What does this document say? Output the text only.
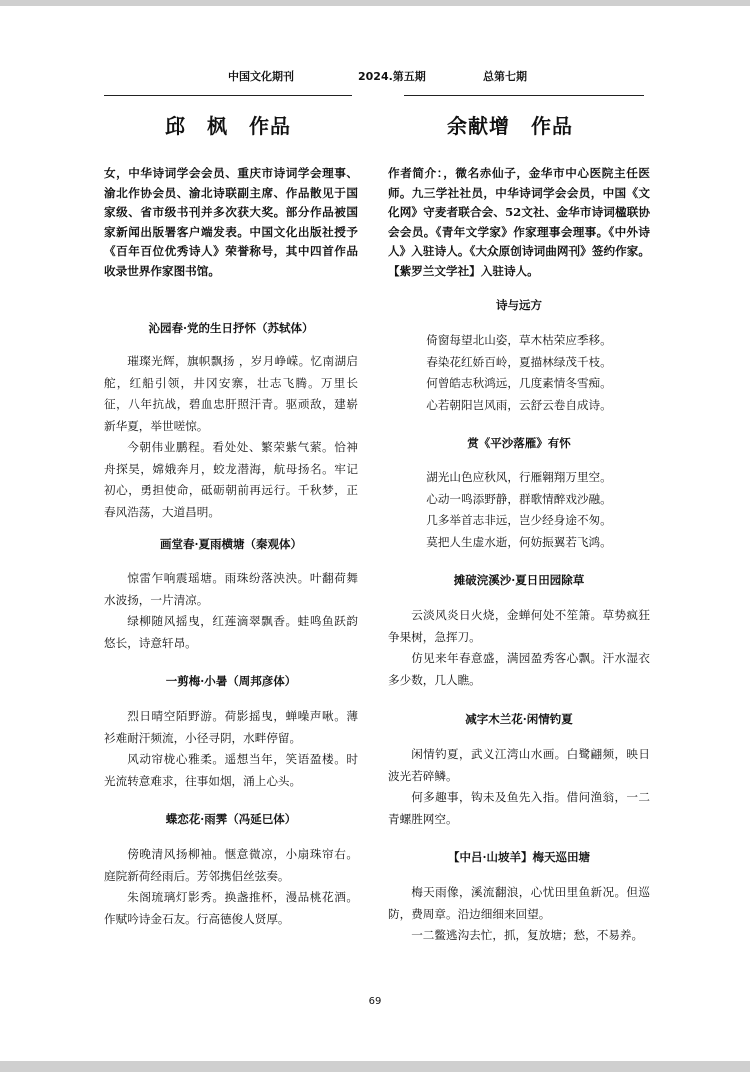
中国文化期刊	2024.第五期	总第七期
邱　枫　作品	余献增　作品
女，中华诗词学会会员、重庆市诗词学会理事、渝北作协会员、渝北诗联副主席、作品散见于国家级、省市级书刊并多次获大奖。部分作品被国家新闻出版署客户端发表。中国文化出版社授予《百年百位优秀诗人》荣誉称号，其中四首作品收录世界作家图书馆。
沁园春·党的生日抒怀（苏轼体）

璀璨光辉，旗帜飘扬 ，岁月峥嵘。忆南湖启舵，红船引领，井冈安寨，壮志飞腾。万里长征，八年抗战，碧血忠肝照汗青。驱顽敌，建崭新华夏，举世嗟惊。

今朝伟业鹏程。看处处、繁荣紫气萦。恰神舟探昊，嫦娥奔月，蛟龙潜海，航母扬名。牢记初心，勇担使命，砥砺朝前再远行。千秋梦，正春风浩荡，大道昌明。

画堂春·夏雨横塘（秦观体）

惊雷乍响震瑶塘。雨珠纷落泱泱。叶翻荷舞水波扬，一片清凉。

绿柳随风摇曳，红莲滴翠飘香。蛙鸣鱼跃韵悠长，诗意轩昂。

一剪梅·小暑（周邦彦体）

烈日晴空陌野游。荷影摇曳，蝉噪声啾。薄衫难耐汗频流，小径寻阴，水畔停留。

风动帘栊心雅柔。遥想当年，笑语盈楼。时光流转意难求，往事如烟，涌上心头。

蝶恋花·雨霁（冯延巳体）

傍晚清风扬柳袖。惬意微凉，小扇珠帘右。庭院新荷经雨后。芳邻携侣丝弦奏。

朱阁琉璃灯影秀。换盏推杯，漫品桃花酒。作赋吟诗金石友。行高德俊人贤厚。

作者简介：，微名赤仙子，金华市中心医院主任医师。九三学社社员，中华诗词学会会员，中国《文化网》守麦者联合会、52文社、金华市诗词楹联协会会员。《青年文学家》作家理事会理事。《中外诗人》入驻诗人。《大众原创诗词曲网刊》签约作家。【紫罗兰文学社】入驻诗人。
诗与远方

倚窗每望北山姿，草木枯荣应季移。

春染花红娇百岭，夏描林绿茂千枝。

何曾皓志秋鸿远，几度素情冬雪痴。

心若朝阳岂风雨，云舒云卷自成诗。

赏《平沙落雁》有怀

湖光山色应秋风，行雁翱翔万里空。

心动一鸣添野静，群歌情醉戏沙融。

几多举首志非远，岂少经身途不匆。

莫把人生虚水逝，何妨振翼若飞鸿。

摊破浣溪沙·夏日田园除草

云淡风炎日火烧，金蝉何处不笙箫。草势疯狂争果树，急挥刀。

仿见来年春意盛，满园盈秀客心飘。汗水湿衣多少数，几人瞧。

减字木兰花·闲情钓夏

闲情钓夏，武义江湾山水画。白鹭翩频，映日波光若碎鳞。

何多趣事，钩未及鱼先入指。借问渔翁，一二青螺胜网空。

【中吕·山坡羊】梅天巡田塘

梅天雨像，溪流翻浪，心忧田里鱼新况。但巡防，费周章。沿边细细来回望。

一二鳖逃沟去忙，抓，复放塘；愁，不易养。

69
